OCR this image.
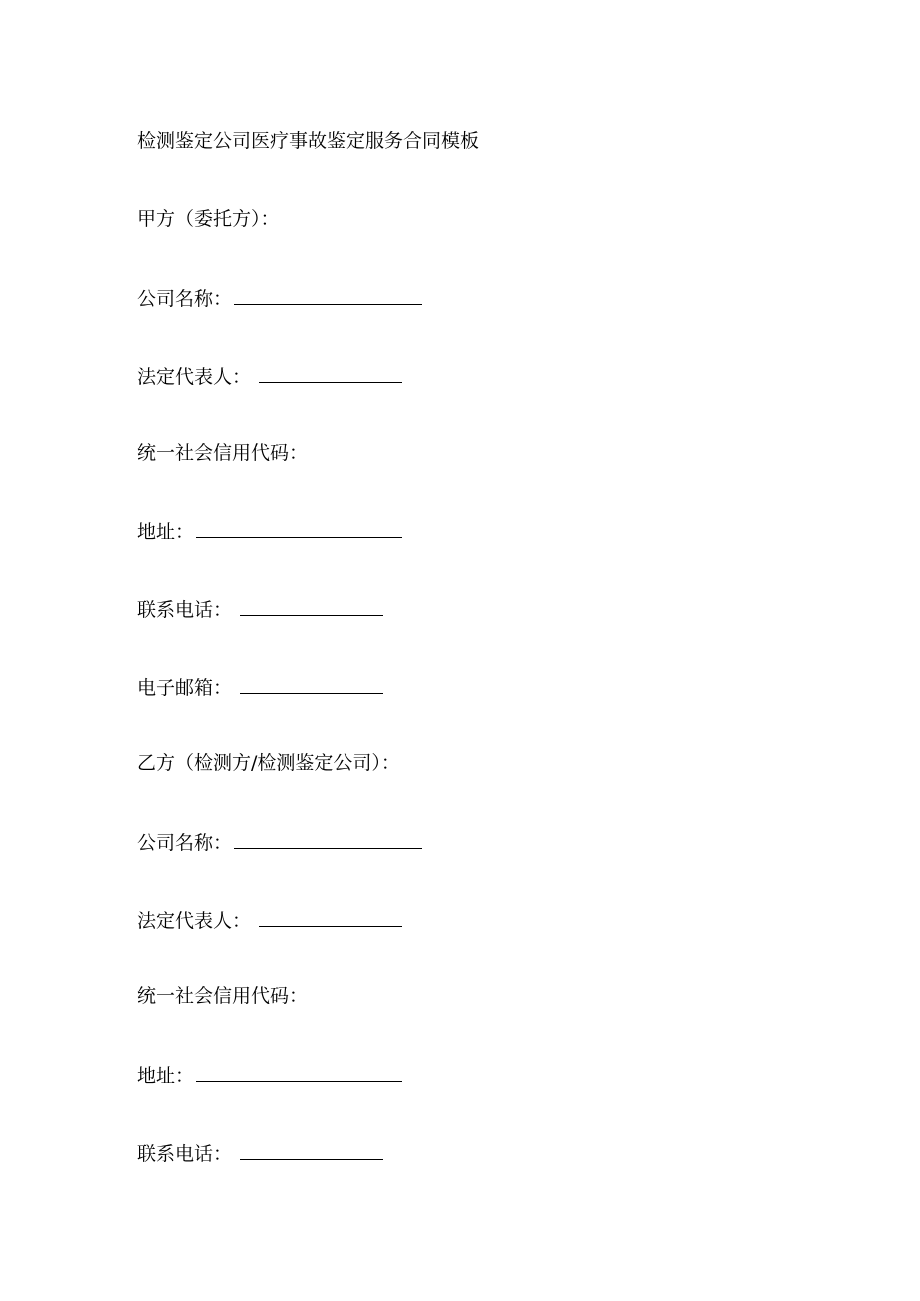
检测鉴定公司医疗事故鉴定服务合同模板
甲方（委托方）：
公司名称：
法定代表人：
统一社会信用代码：
地址：
联系电话：
电子邮箱：
乙方（检测方/检测鉴定公司）：
公司名称：
法定代表人：
统一社会信用代码：
地址：
联系电话：
